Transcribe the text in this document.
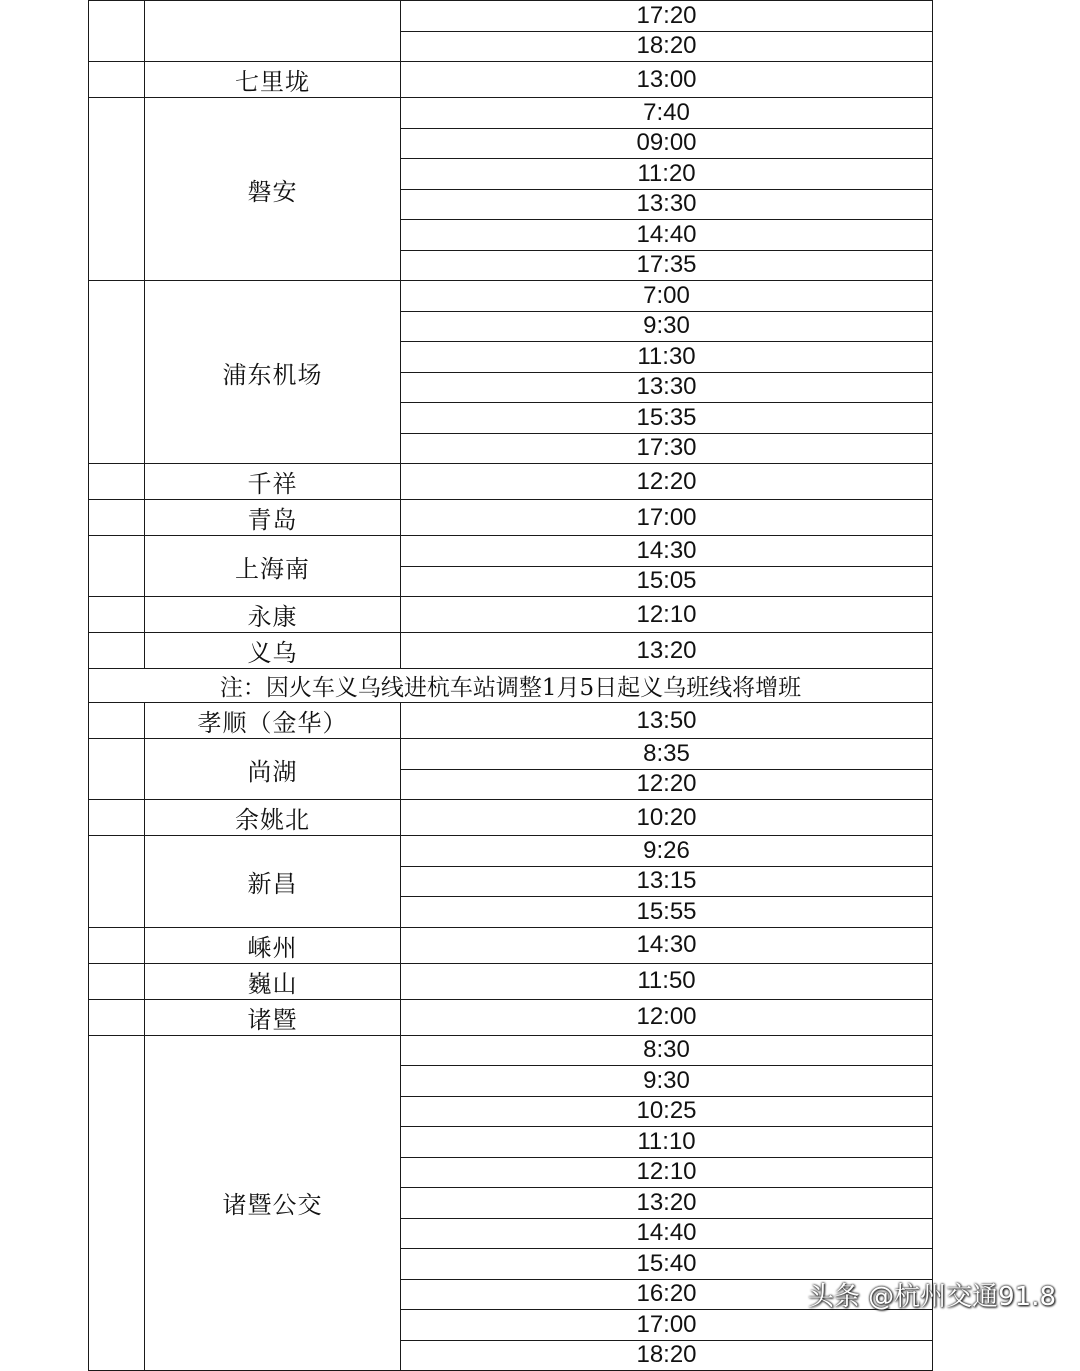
		17:20
		18:20
	七里垅	13:00
	磐安	7:40
		09:00
		11:20
		13:30
		14:40
		17:35
	浦东机场	7:00
		9:30
		11:30
		13:30
		15:35
		17:30
	千祥	12:20
	青岛	17:00
	上海南	14:30
		15:05
	永康	12:10
	义乌	13:20
注：因火车义乌线进杭车站调整1月5日起义乌班线将增班		
	孝顺（金华）	13:50
	尚湖	8:35
		12:20
	余姚北	10:20
	新昌	9:26
		13:15
		15:55
	嵊州	14:30
	巍山	11:50
	诸暨	12:00
	诸暨公交	8:30
		9:30
		10:25
		11:10
		12:10
		13:20
		14:40
		15:40
		16:20
		17:00
		18:20
头条 @杭州交通91.8
